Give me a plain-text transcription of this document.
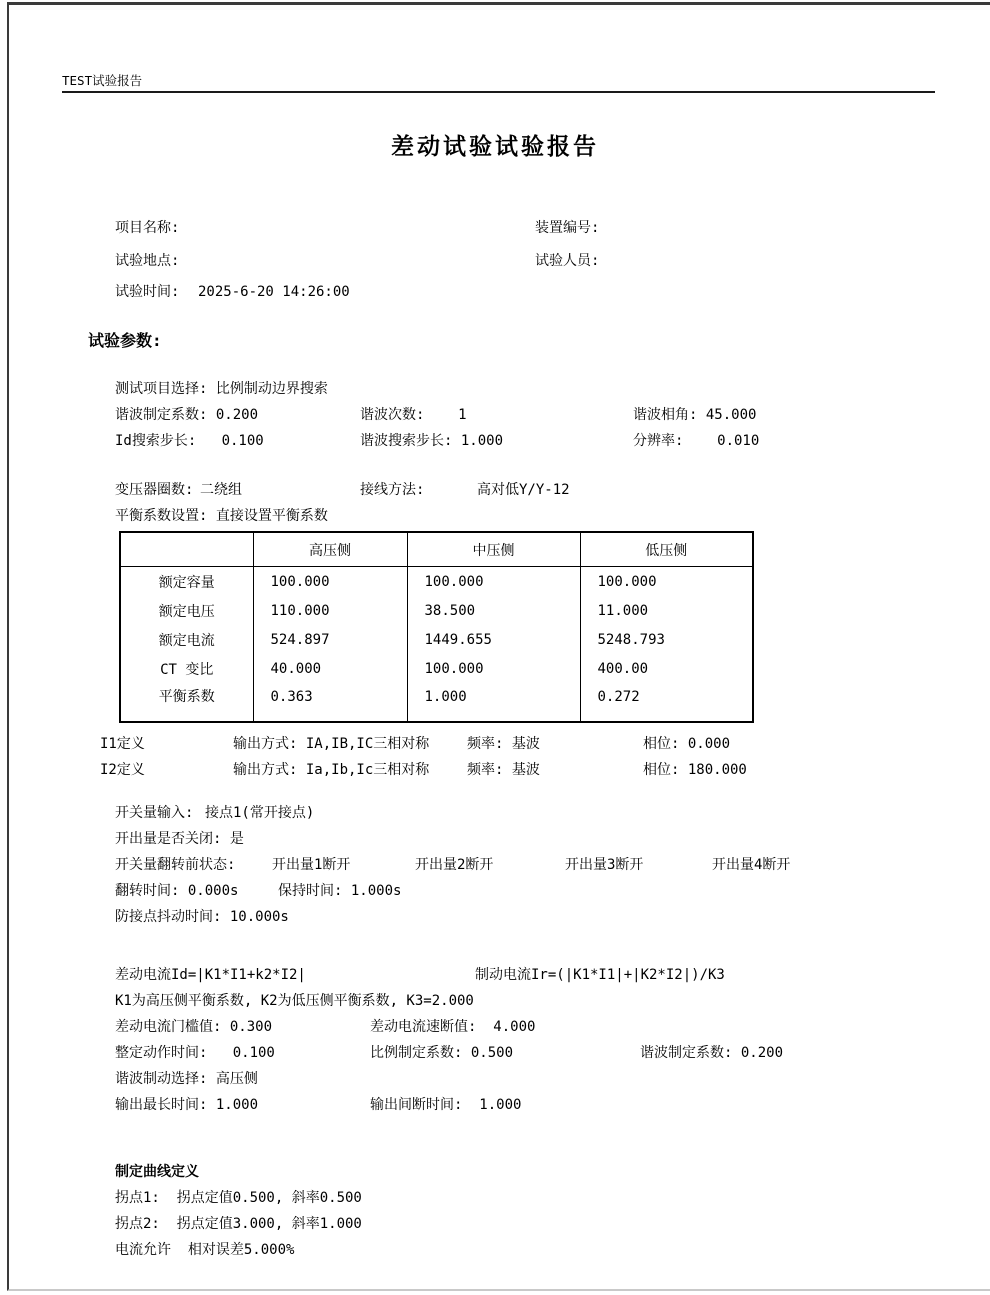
TEST试验报告
差动试验试验报告
项目名称:	装置编号:
试验地点:	试验人员:
试验时间: 2025-6-20 14:26:00
试验参数:
测试项目选择: 比例制动边界搜索
谐波制定系数: 0.200	谐波次数:    1	谐波相角: 45.000
Id搜索步长:   0.100	谐波搜索步长: 1.000	分辨率:    0.010
变压器圈数: 二绕组	接线方法:	高对低Y/Y-12
平衡系数设置: 直接设置平衡系数
	高压侧	中压侧	低压侧
额定容量	100.000	100.000	100.000
额定电压	110.000	38.500	11.000
额定电流	524.897	1449.655	5248.793
CT 变比	40.000	100.000	400.00
平衡系数	0.363	1.000	0.272
I1定义	输出方式: IA,IB,IC三相对称	频率: 基波	相位: 0.000
I2定义	输出方式: Ia,Ib,Ic三相对称	频率: 基波	相位: 180.000
开关量输入: 接点1(常开接点)
开出量是否关闭: 是
开关量翻转前状态:	开出量1断开	开出量2断开	开出量3断开	开出量4断开
翻转时间: 0.000s	保持时间: 1.000s
防接点抖动时间: 10.000s
差动电流Id=|K1*I1+k2*I2|	制动电流Ir=(|K1*I1|+|K2*I2|)/K3
K1为高压侧平衡系数, K2为低压侧平衡系数, K3=2.000
差动电流门槛值: 0.300	差动电流速断值:  4.000
整定动作时间:   0.100	比例制定系数: 0.500	谐波制定系数: 0.200
谐波制动选择: 高压侧
输出最长时间: 1.000	输出间断时间:  1.000
制定曲线定义
拐点1:  拐点定值0.500, 斜率0.500
拐点2:  拐点定值3.000, 斜率1.000
电流允许  相对误差5.000%
